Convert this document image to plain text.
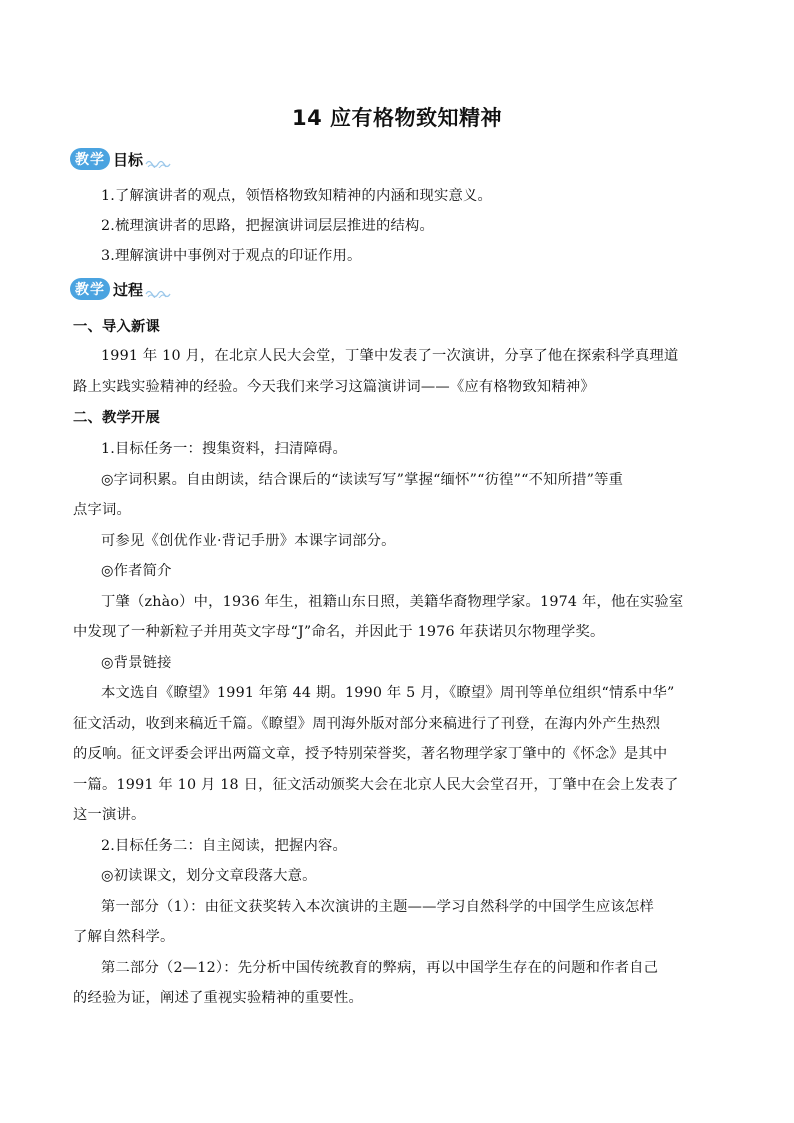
14 应有格物致知精神
教学 目标
1.了解演讲者的观点，领悟格物致知精神的内涵和现实意义。
2.梳理演讲者的思路，把握演讲词层层推进的结构。
3.理解演讲中事例对于观点的印证作用。
教学 过程
一、导入新课
1991 年 10 月，在北京人民大会堂，丁肇中发表了一次演讲，分享了他在探索科学真理道
路上实践实验精神的经验。今天我们来学习这篇演讲词——《应有格物致知精神》
二、教学开展
1.目标任务一：搜集资料，扫清障碍。
◎字词积累。自由朗读，结合课后的“读读写写”掌握“缅怀”“彷徨”“不知所措”等重
点字词。
可参见《创优作业·背记手册》本课字词部分。
◎作者简介
丁肇（zhào）中，1936 年生，祖籍山东日照，美籍华裔物理学家。1974 年，他在实验室
中发现了一种新粒子并用英文字母“J”命名，并因此于 1976 年获诺贝尔物理学奖。
◎背景链接
本文选自《瞭望》1991 年第 44 期。1990 年 5 月，《瞭望》周刊等单位组织“情系中华”
征文活动，收到来稿近千篇。《瞭望》周刊海外版对部分来稿进行了刊登，在海内外产生热烈
的反响。征文评委会评出两篇文章，授予特别荣誉奖，著名物理学家丁肇中的《怀念》是其中
一篇。1991 年 10 月 18 日，征文活动颁奖大会在北京人民大会堂召开，丁肇中在会上发表了
这一演讲。
2.目标任务二：自主阅读，把握内容。
◎初读课文，划分文章段落大意。
第一部分（1）：由征文获奖转入本次演讲的主题——学习自然科学的中国学生应该怎样
了解自然科学。
第二部分（2—12）：先分析中国传统教育的弊病，再以中国学生存在的问题和作者自己
的经验为证，阐述了重视实验精神的重要性。
